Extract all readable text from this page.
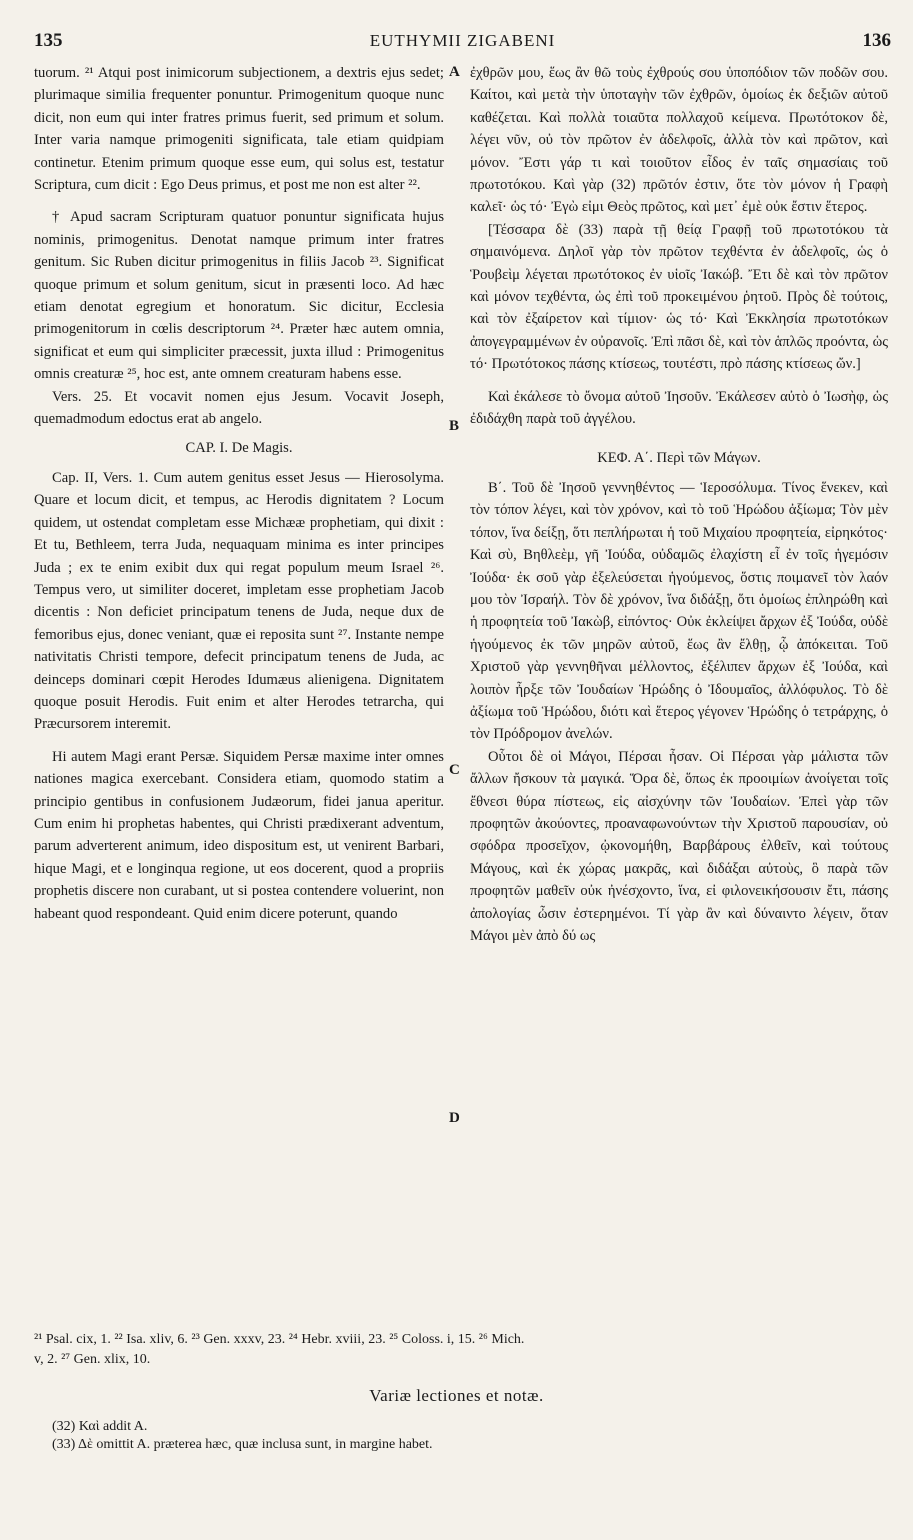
135	EUTHYMII ZIGABENI	136

tuorum. ²¹ Atqui post inimicorum subjectionem, a dextris ejus sedet; plurimaque similia frequenter ponuntur. Primogenitum quoque nunc dicit, non eum qui inter fratres primus fuerit, sed primum et solum. Inter varia namque primogeniti significata, tale etiam quidpiam continetur. Etenim primum quoque esse eum, qui solus est, testatur Scriptura, cum dicit : Ego Deus primus, et post me non est alter ²².

† Apud sacram Scripturam quatuor ponuntur significata hujus nominis, primogenitus. Denotat namque primum inter fratres genitum. Sic Ruben dicitur primogenitus in filiis Jacob ²³. Significat quoque primum et solum genitum, sicut in præsenti loco. Ad hæc etiam denotat egregium et honoratum. Sic dicitur, Ecclesia primogenitorum in cœlis descriptorum ²⁴. Præter hæc autem omnia, significat et eum qui simpliciter præcessit, juxta illud : Primogenitus omnis creaturæ ²⁵, hoc est, ante omnem creaturam habens esse.

Vers. 25. Et vocavit nomen ejus Jesum. Vocavit Joseph, quemadmodum edoctus erat ab angelo.

CAP. I. De Magis.

Cap. II, Vers. 1. Cum autem genitus esset Jesus — Hierosolyma. Quare et locum dicit, et tempus, ac Herodis dignitatem ? Locum quidem, ut ostendat completam esse Michææ prophetiam, qui dixit : Et tu, Bethleem, terra Juda, nequaquam minima es inter principes Juda ; ex te enim exibit dux qui regat populum meum Israel ²⁶. Tempus vero, ut similiter doceret, impletam esse prophetiam Jacob dicentis : Non deficiet principatum tenens de Juda, neque dux de femoribus ejus, donec veniant, quæ ei reposita sunt ²⁷. Instante nempe nativitatis Christi tempore, defecit principatum tenens de Juda, ac deinceps dominari cœpit Herodes Idumæus alienigena. Dignitatem quoque posuit Herodis. Fuit enim et alter Herodes tetrarcha, qui Præcursorem interemit.

Hi autem Magi erant Persæ. Siquidem Persæ maxime inter omnes nationes magica exercebant. Considera etiam, quomodo statim a principio gentibus in confusionem Judæorum, fidei janua aperitur. Cum enim hi prophetas habentes, qui Christi prædixerant adventum, parum adverterent animum, ideo dispositum est, ut venirent Barbari, hique Magi, et e longinqua regione, ut eos docerent, quod a propriis prophetis discere non curabant, ut si postea contendere voluerint, non habeant quod respondeant. Quid enim dicere poterunt, quando

A
B
C
D

ἐχθρῶν μου, ἕως ἂν θῶ τοὺς ἐχθρούς σου ὑποπόδιον τῶν ποδῶν σου. Καίτοι, καὶ μετὰ τὴν ὑποταγὴν τῶν ἐχθρῶν, ὁμοίως ἐκ δεξιῶν αὐτοῦ καθέζεται. Καὶ πολλὰ τοιαῦτα πολλαχοῦ κείμενα. Πρωτότοκον δὲ, λέγει νῦν, οὐ τὸν πρῶτον ἐν ἀδελφοῖς, ἀλλὰ τὸν καὶ πρῶτον, καὶ μόνον. Ἔστι γάρ τι καὶ τοιοῦτον εἶδος ἐν ταῖς σημασίαις τοῦ πρωτοτόκου. Καὶ γὰρ (32) πρῶτόν ἐστιν, ὅτε τὸν μόνον ἡ Γραφὴ καλεῖ· ὡς τό· Ἐγὼ εἰμι Θεὸς πρῶτος, καὶ μετ᾽ ἐμὲ οὐκ ἔστιν ἕτερος.

[Τέσσαρα δὲ (33) παρὰ τῇ θείᾳ Γραφῇ τοῦ πρωτοτόκου τὰ σημαινόμενα. Δηλοῖ γὰρ τὸν πρῶτον τεχθέντα ἐν ἀδελφοῖς, ὡς ὁ Ῥουβεὶμ λέγεται πρωτότοκος ἐν υἱοῖς Ἰακώβ. Ἔτι δὲ καὶ τὸν πρῶτον καὶ μόνον τεχθέντα, ὡς ἐπὶ τοῦ προκειμένου ῥητοῦ. Πρὸς δὲ τούτοις, καὶ τὸν ἐξαίρετον καὶ τίμιον· ὡς τό· Καὶ Ἐκκλησία πρωτοτόκων ἀπογεγραμμένων ἐν οὐρανοῖς. Ἐπὶ πᾶσι δὲ, καὶ τὸν ἁπλῶς προόντα, ὡς τό· Πρωτότοκος πάσης κτίσεως, τουτέστι, πρὸ πάσης κτίσεως ὤν.]

Καὶ ἐκάλεσε τὸ ὄνομα αὐτοῦ Ἰησοῦν. Ἐκάλεσεν αὐτὸ ὁ Ἰωσὴφ, ὡς ἐδιδάχθη παρὰ τοῦ ἀγγέλου.

ΚΕΦ. Α΄. Περὶ τῶν Μάγων.

Β΄. Τοῦ δὲ Ἰησοῦ γεννηθέντος — Ἱεροσόλυμα. Τίνος ἕνεκεν, καὶ τὸν τόπον λέγει, καὶ τὸν χρόνον, καὶ τὸ τοῦ Ἡρώδου ἀξίωμα; Τὸν μὲν τόπον, ἵνα δείξῃ, ὅτι πεπλήρωται ἡ τοῦ Μιχαίου προφητεία, εἰρηκότος· Καὶ σὺ, Βηθλεὲμ, γῆ Ἰούδα, οὐδαμῶς ἐλαχίστη εἶ ἐν τοῖς ἡγεμόσιν Ἰούδα· ἐκ σοῦ γὰρ ἐξελεύσεται ἡγούμενος, ὅστις ποιμανεῖ τὸν λαόν μου τὸν Ἰσραήλ. Τὸν δὲ χρόνον, ἵνα διδάξῃ, ὅτι ὁμοίως ἐπληρώθη καὶ ἡ προφητεία τοῦ Ἰακὼβ, εἰπόντος· Οὐκ ἐκλείψει ἄρχων ἐξ Ἰούδα, οὐδὲ ἡγούμενος ἐκ τῶν μηρῶν αὐτοῦ, ἕως ἂν ἔλθῃ, ᾧ ἀπόκειται. Τοῦ Χριστοῦ γὰρ γεννηθῆναι μέλλοντος, ἐξέλιπεν ἄρχων ἐξ Ἰούδα, καὶ λοιπὸν ἦρξε τῶν Ἰουδαίων Ἡρώδης ὁ Ἰδουμαῖος, ἀλλόφυλος. Τὸ δὲ ἀξίωμα τοῦ Ἡρώδου, διότι καὶ ἕτερος γέγονεν Ἡρώδης ὁ τετράρχης, ὁ τὸν Πρόδρομον ἀνελών.

Οὗτοι δὲ οἱ Μάγοι, Πέρσαι ἦσαν. Οἱ Πέρσαι γὰρ μάλιστα τῶν ἄλλων ἤσκουν τὰ μαγικά. Ὅρα δὲ, ὅπως ἐκ προοιμίων ἀνοίγεται τοῖς ἔθνεσι θύρα πίστεως, εἰς αἰσχύνην τῶν Ἰουδαίων. Ἐπεὶ γὰρ τῶν προφητῶν ἀκούοντες, προαναφωνούντων τὴν Χριστοῦ παρουσίαν, οὐ σφόδρα προσεῖχον, ᾠκονομήθη, Βαρβάρους ἐλθεῖν, καὶ τούτους Μάγους, καὶ ἐκ χώρας μακρᾶς, καὶ διδάξαι αὐτοὺς, ὃ παρὰ τῶν προφητῶν μαθεῖν οὐκ ἠνέσχοντο, ἵνα, εἰ φιλονεικήσουσιν ἔτι, πάσης ἀπολογίας ὦσιν ἐστερημένοι. Τί γὰρ ἂν καὶ δύναιντο λέγειν, ὅταν Μάγοι μὲν ἀπὸ δύ ως

²¹ Psal. cix, 1. ²² Isa. xliv, 6. ²³ Gen. xxxv, 23. ²⁴ Hebr. xviii, 23. ²⁵ Coloss. i, 15. ²⁶ Mich.
v, 2. ²⁷ Gen. xlix, 10.
Variæ lectiones et notæ.
(32) Καὶ addit A.
(33) Δὲ omittit A. præterea hæc, quæ inclusa sunt, in margine habet.
